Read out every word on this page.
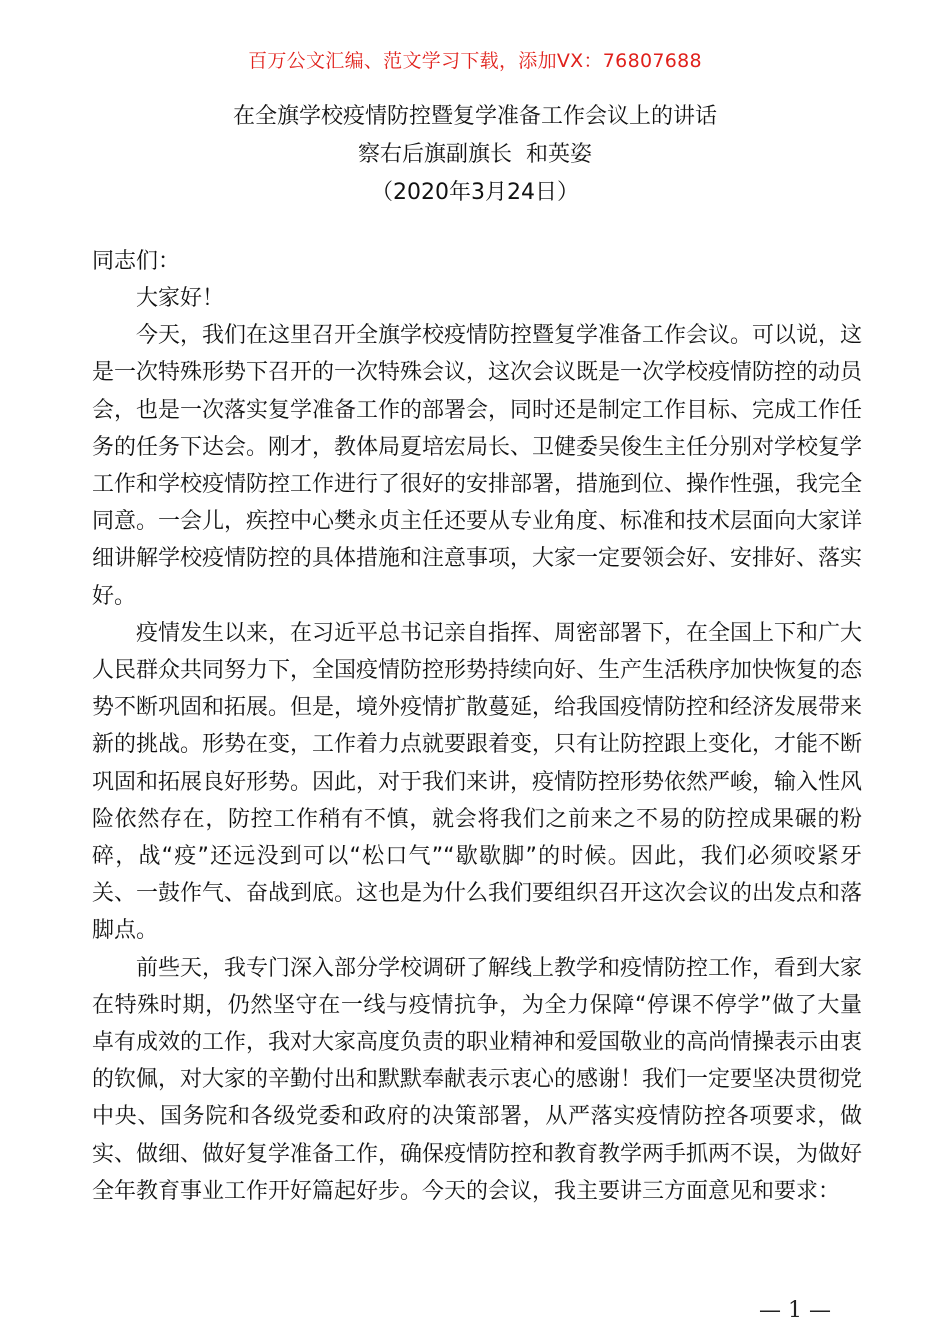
百万公文汇编、范文学习下载，添加VX：76807688
在全旗学校疫情防控暨复学准备工作会议上的讲话
察右后旗副旗长  和英姿
（2020年3月24日）
同志们：

大家好！

今天，我们在这里召开全旗学校疫情防控暨复学准备工作会议。可以说，这是一次特殊形势下召开的一次特殊会议，这次会议既是一次学校疫情防控的动员会，也是一次落实复学准备工作的部署会，同时还是制定工作目标、完成工作任务的任务下达会。刚才，教体局夏培宏局长、卫健委吴俊生主任分别对学校复学工作和学校疫情防控工作进行了很好的安排部署，措施到位、操作性强，我完全同意。一会儿，疾控中心樊永贞主任还要从专业角度、标准和技术层面向大家详细讲解学校疫情防控的具体措施和注意事项，大家一定要领会好、安排好、落实好。

疫情发生以来，在习近平总书记亲自指挥、周密部署下，在全国上下和广大人民群众共同努力下，全国疫情防控形势持续向好、生产生活秩序加快恢复的态势不断巩固和拓展。但是，境外疫情扩散蔓延，给我国疫情防控和经济发展带来新的挑战。形势在变，工作着力点就要跟着变，只有让防控跟上变化，才能不断巩固和拓展良好形势。因此，对于我们来讲，疫情防控形势依然严峻，输入性风险依然存在，防控工作稍有不慎，就会将我们之前来之不易的防控成果碾的粉碎，战“疫”还远没到可以“松口气”“歇歇脚”的时候。因此，我们必须咬紧牙关、一鼓作气、奋战到底。这也是为什么我们要组织召开这次会议的出发点和落脚点。

前些天，我专门深入部分学校调研了解线上教学和疫情防控工作，看到大家在特殊时期，仍然坚守在一线与疫情抗争，为全力保障“停课不停学”做了大量卓有成效的工作，我对大家高度负责的职业精神和爱国敬业的高尚情操表示由衷的钦佩，对大家的辛勤付出和默默奉献表示衷心的感谢！我们一定要坚决贯彻党中央、国务院和各级党委和政府的决策部署，从严落实疫情防控各项要求，做实、做细、做好复学准备工作，确保疫情防控和教育教学两手抓两不误，为做好全年教育事业工作开好篇起好步。今天的会议，我主要讲三方面意见和要求：

— 1 —
